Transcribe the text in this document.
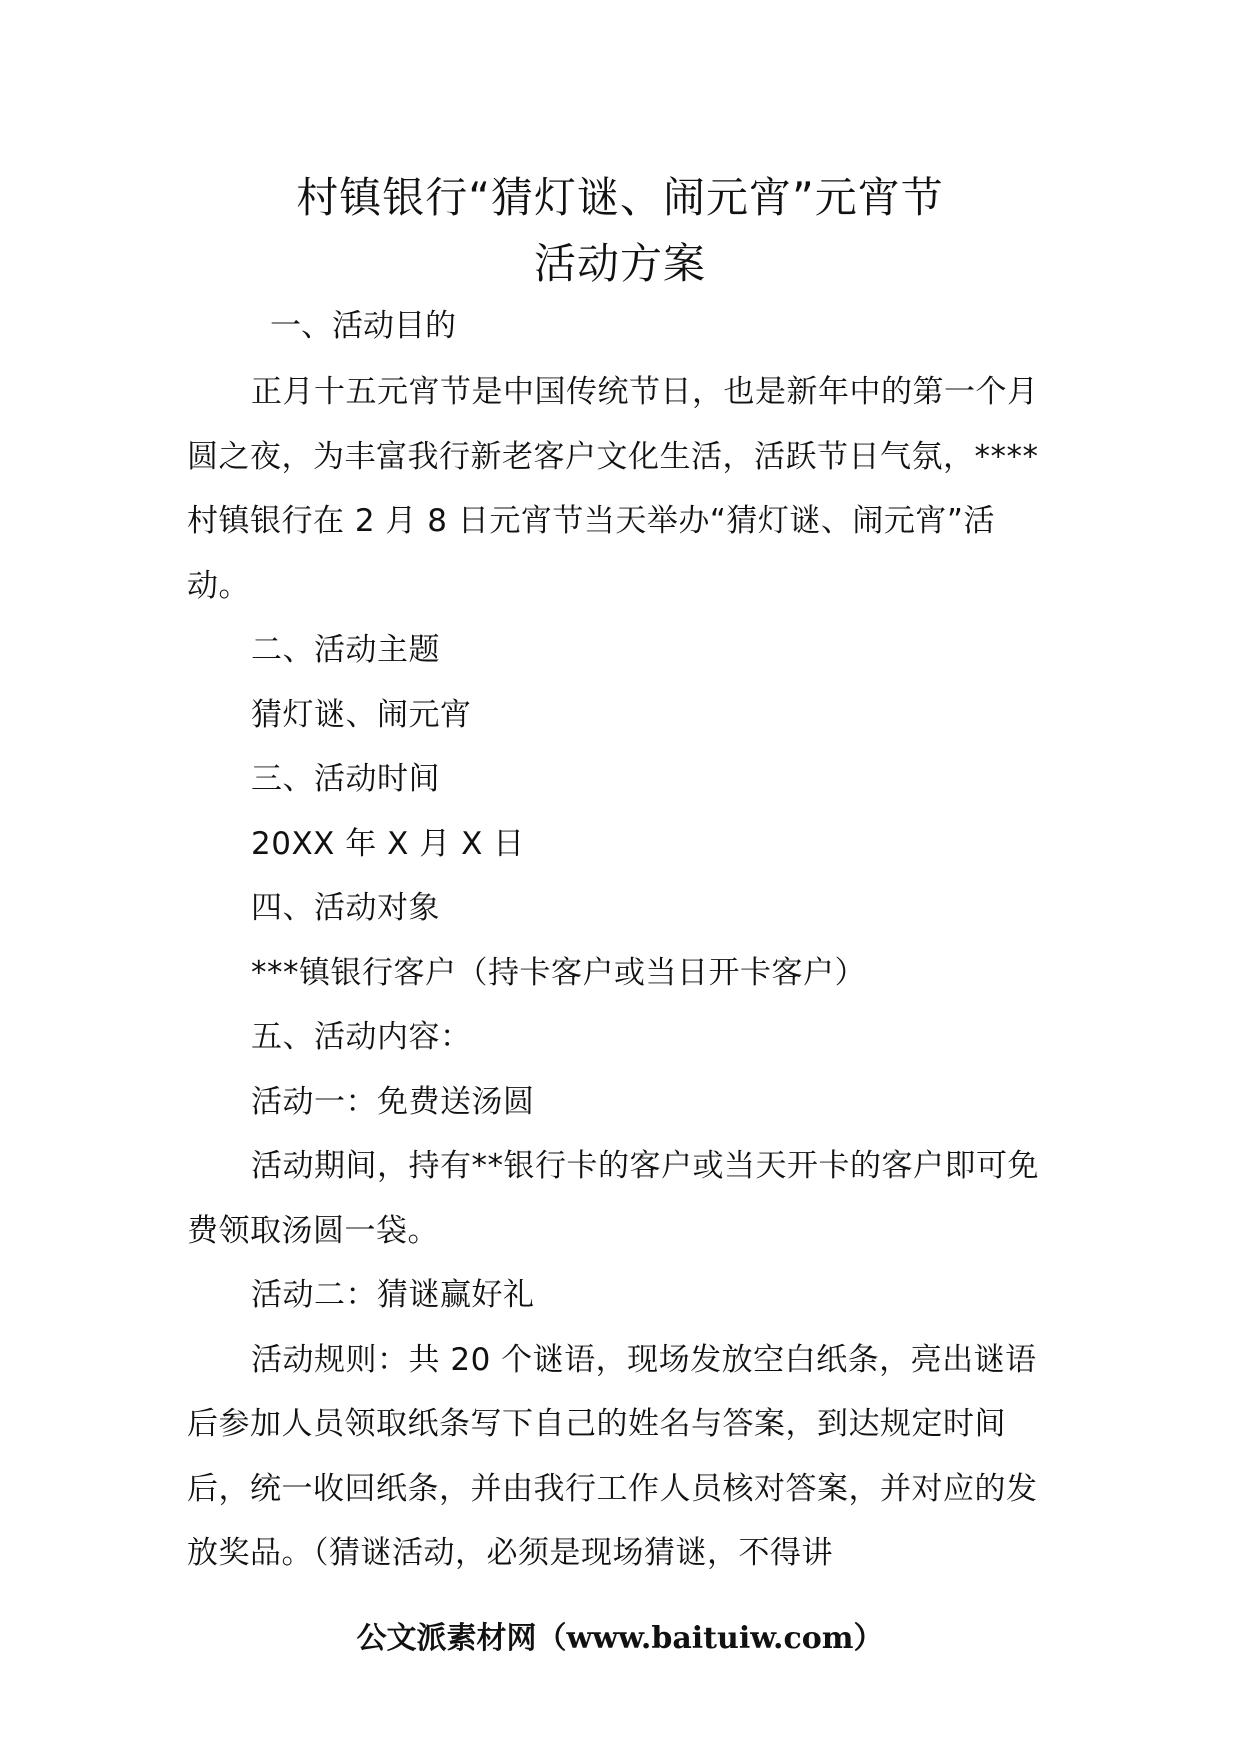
村镇银行“猜灯谜、闹元宵”元宵节
活动方案
一、活动目的

正月十五元宵节是中国传统节日，也是新年中的第一个月圆之夜，为丰富我行新老客户文化生活，活跃节日气氛，****村镇银行在 2 月 8 日元宵节当天举办“猜灯谜、闹元宵”活动。

二、活动主题

猜灯谜、闹元宵

三、活动时间

20XX 年 X 月 X 日

四、活动对象

***镇银行客户（持卡客户或当日开卡客户）

五、活动内容：

活动一：免费送汤圆

活动期间，持有**银行卡的客户或当天开卡的客户即可免费领取汤圆一袋。

活动二：猜谜赢好礼

活动规则：共 20 个谜语，现场发放空白纸条，亮出谜语后参加人员领取纸条写下自己的姓名与答案，到达规定时间后，统一收回纸条，并由我行工作人员核对答案，并对应的发放奖品。（猜谜活动，必须是现场猜谜，不得讲

公文派素材网（www.baituiw.com）
